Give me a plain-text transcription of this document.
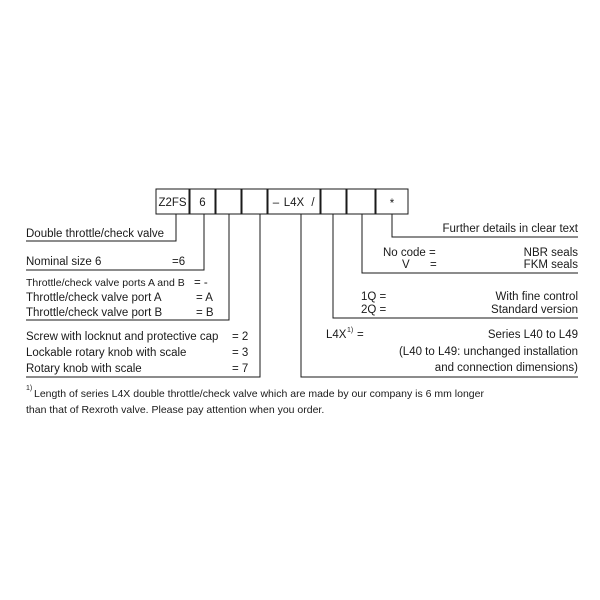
Z2FS 6	– L4X /	*
Further details in clear text
No code =	NBR seals
V =	FKM seals
1Q =	With fine control
2Q =	Standard version
L4X 1) =	Series L40 to L49
(L40 to L49: unchanged installation
and connection dimensions)
Double throttle/check valve
Nominal size 6	=6
Throttle/check valve ports A and B = -
Throttle/check valve port A	= A
Throttle/check valve port B	= B
Screw with locknut and protective cap = 2
Lockable rotary knob with scale	= 3
Rotary knob with scale	= 7
1) Length of series L4X double throttle/check valve which are made by our company is 6 mm longer
than that of Rexroth valve. Please pay attention when you order.
